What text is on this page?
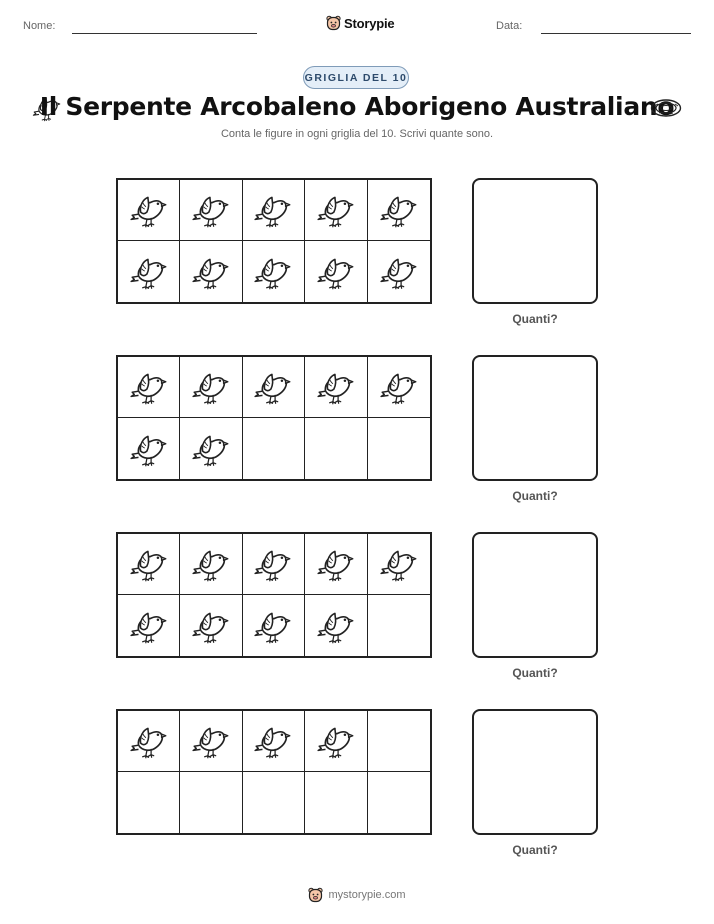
Nome:	Storypie	Data:
GRIGLIA DEL 10
Il Serpente Arcobaleno Aborigeno Australiano
Conta le figure in ogni griglia del 10. Scrivi quante sono.
Quanti?
Quanti?
Quanti?
Quanti?
mystorypie.com
